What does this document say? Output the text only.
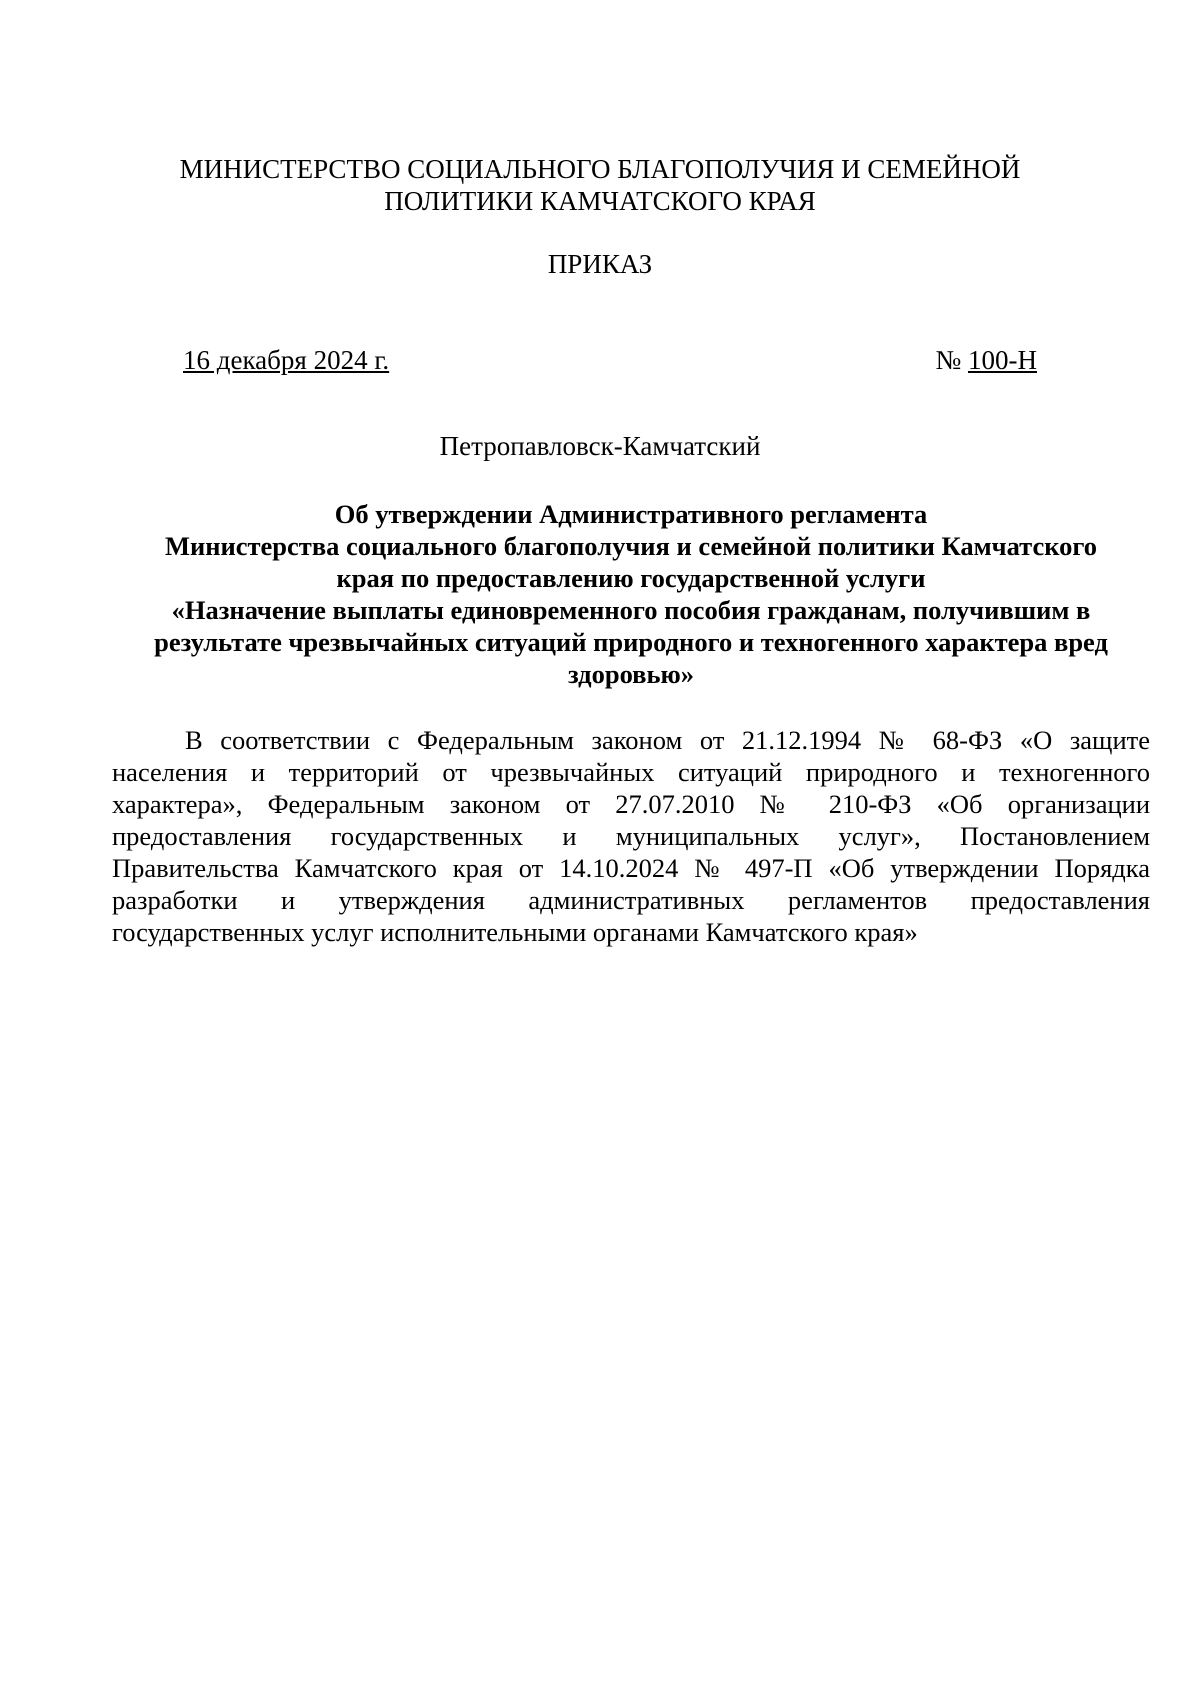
МИНИСТЕРСТВО СОЦИАЛЬНОГО БЛАГОПОЛУЧИЯ И СЕМЕЙНОЙ
ПОЛИТИКИ КАМЧАТСКОГО КРАЯ
ПРИКАЗ
16 декабря 2024 г.	№ 100-Н
Петропавловск-Камчатский
Об утверждении Административного регламента
Министерства социального благополучия и семейной политики Камчатского
края по предоставлению государственной услуги
«Назначение выплаты единовременного пособия гражданам, получившим в
результате чрезвычайных ситуаций природного и техногенного характера вред
здоровью»
В соответствии с Федеральным законом от 21.12.1994 № 68-ФЗ «О защите
населения и территорий от чрезвычайных ситуаций природного и техногенного
характера», Федеральным законом от 27.07.2010 № 210-ФЗ «Об организации
предоставления государственных и муниципальных услуг», Постановлением
Правительства Камчатского края от 14.10.2024 № 497-П «Об утверждении Порядка
разработки и утверждения административных регламентов предоставления
государственных услуг исполнительными органами Камчатского края»
